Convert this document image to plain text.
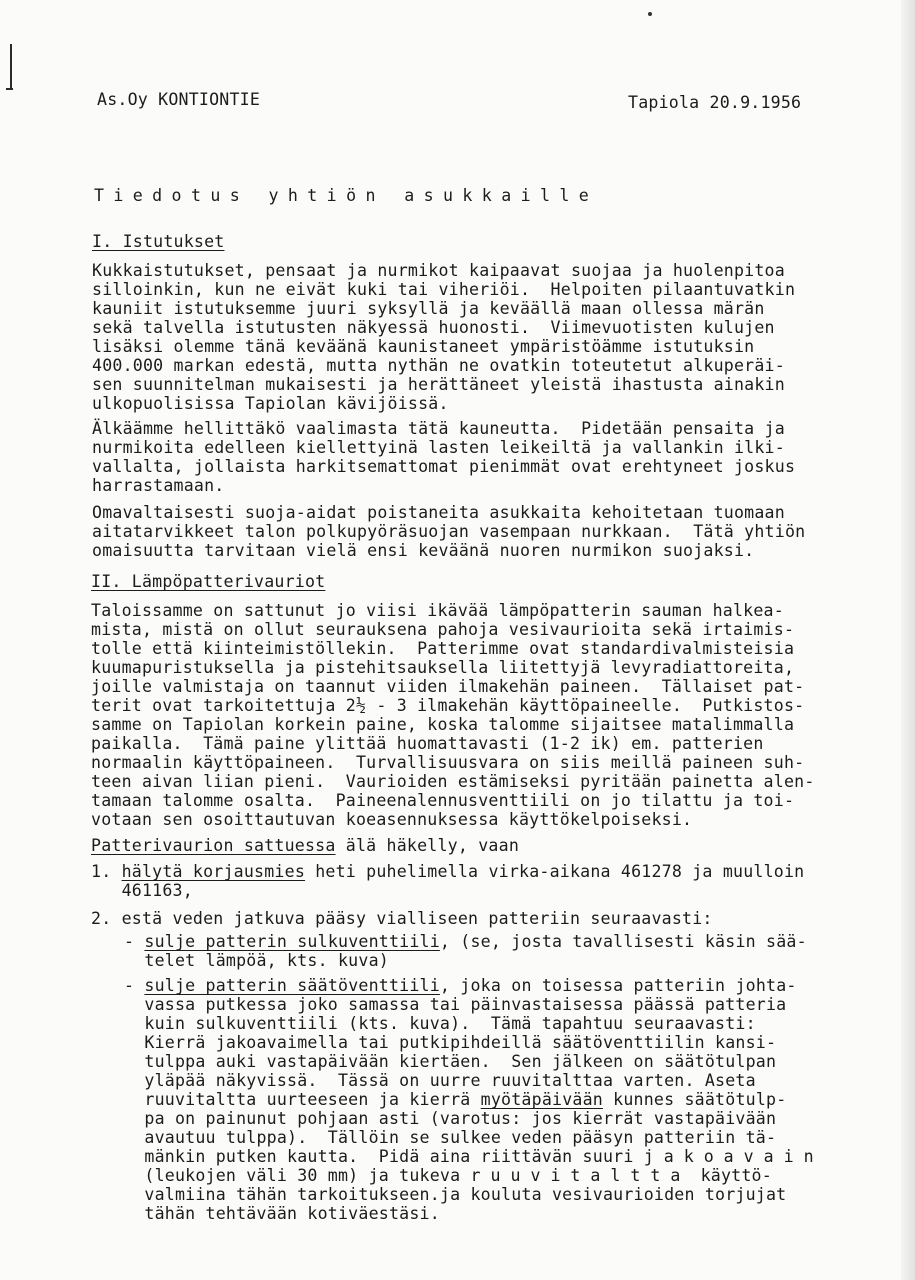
As.Oy KONTIONTIE	Tapiola 20.9.1956
Tiedotus yhtiön asukkaille
I. Istutukset
Kukkaistutukset, pensaat ja nurmikot kaipaavat suojaa ja huolenpitoa
silloinkin, kun ne eivät kuki tai viheriöi.  Helpoiten pilaantuvatkin
kauniit istutuksemme juuri syksyllä ja keväällä maan ollessa märän
sekä talvella istutusten näkyessä huonosti.  Viimevuotisten kulujen
lisäksi olemme tänä keväänä kaunistaneet ympäristöämme istutuksin
400.000 markan edestä, mutta nythän ne ovatkin toteutetut alkuperäi-
sen suunnitelman mukaisesti ja herättäneet yleistä ihastusta ainakin
ulkopuolisissa Tapiolan kävijöissä.
Älkäämme hellittäkö vaalimasta tätä kauneutta.  Pidetään pensaita ja
nurmikoita edelleen kiellettyinä lasten leikeiltä ja vallankin ilki-
vallalta, jollaista harkitsemattomat pienimmät ovat erehtyneet joskus
harrastamaan.
Omavaltaisesti suoja-aidat poistaneita asukkaita kehoitetaan tuomaan
aitatarvikkeet talon polkupyöräsuojan vasempaan nurkkaan.  Tätä yhtiön
omaisuutta tarvitaan vielä ensi keväänä nuoren nurmikon suojaksi.
II. Lämpöpatterivauriot
Taloissamme on sattunut jo viisi ikävää lämpöpatterin sauman halkea-
mista, mistä on ollut seurauksena pahoja vesivaurioita sekä irtaimis-
tolle että kiinteimistöllekin.  Patterimme ovat standardivalmisteisia
kuumapuristuksella ja pistehitsauksella liitettyjä levyradiattoreita,
joille valmistaja on taannut viiden ilmakehän paineen.  Tällaiset pat-
terit ovat tarkoitettuja 2½ - 3 ilmakehän käyttöpaineelle.  Putkistos-
samme on Tapiolan korkein paine, koska talomme sijaitsee matalimmalla
paikalla.  Tämä paine ylittää huomattavasti (1-2 ik) em. patterien
normaalin käyttöpaineen.  Turvallisuusvara on siis meillä paineen suh-
teen aivan liian pieni.  Vaurioiden estämiseksi pyritään painetta alen-
tamaan talomme osalta.  Paineenalennusventtiili on jo tilattu ja toi-
votaan sen osoittautuvan koeasennuksessa käyttökelpoiseksi.
Patterivaurion sattuessa älä häkelly, vaan
1. hälytä korjausmies heti puhelimella virka-aikana 461278 ja muulloin
461163,
2. estä veden jatkuva pääsy vialliseen patteriin seuraavasti:
- sulje patterin sulkuventtiili, (se, josta tavallisesti käsin sää-
telet lämpöä, kts. kuva)
- sulje patterin säätöventtiili, joka on toisessa patteriin johta-
vassa putkessa joko samassa tai päinvastaisessa päässä patteria
kuin sulkuventtiili (kts. kuva).  Tämä tapahtuu seuraavasti:
Kierrä jakoavaimella tai putkipihdeillä säätöventtiilin kansi-
tulppa auki vastapäivään kiertäen.  Sen jälkeen on säätötulpan
yläpää näkyvissä.  Tässä on uurre ruuvitalttaa varten. Aseta
ruuvitaltta uurteeseen ja kierrä myötäpäivään kunnes säätötulp-
pa on painunut pohjaan asti (varotus: jos kierrät vastapäivään
avautuu tulppa).  Tällöin se sulkee veden pääsyn patteriin tä-
mänkin putken kautta.  Pidä aina riittävän suuri jakoavain
(leukojen väli 30 mm) ja tukeva ruuvitaltta käyttö-
valmiina tähän tarkoitukseen.ja kouluta vesivaurioiden torjujat
tähän tehtävään kotiväestäsi.
